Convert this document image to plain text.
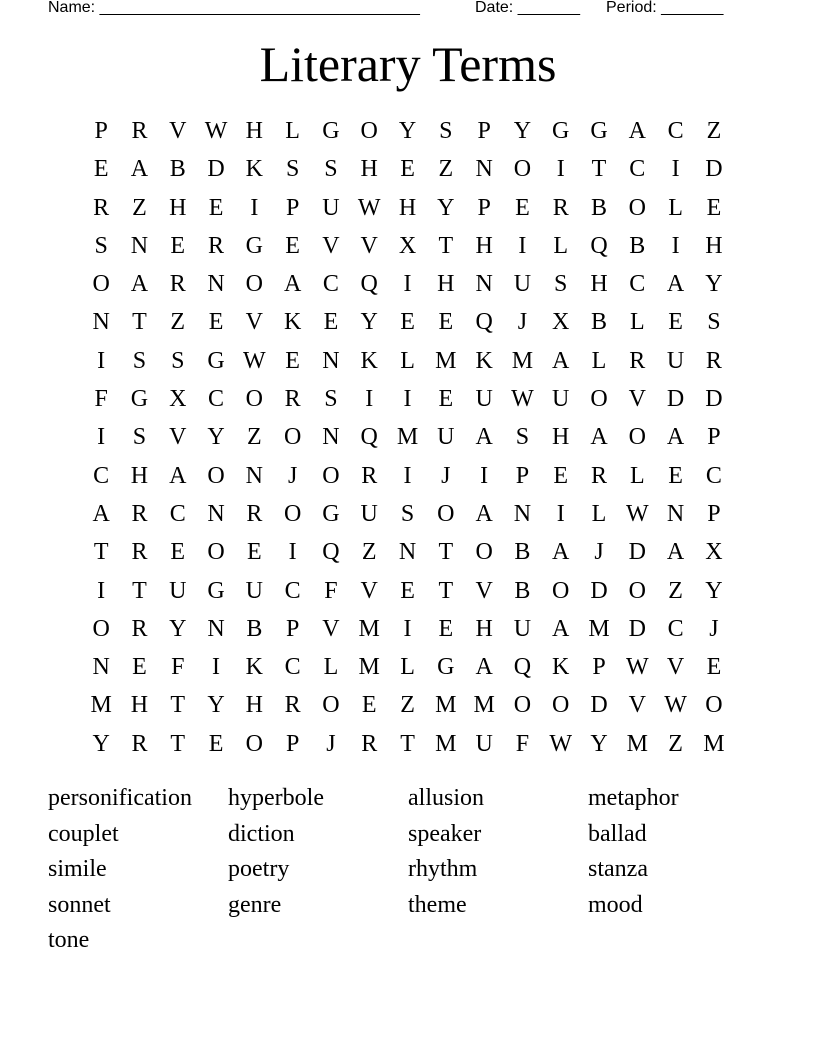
Name: ____________________________________	Date: _______ Period: _______
Literary Terms
P R V W H L G O Y S	P Y G G A C Z
E A B D K S	S H E Z N O	I	T C	I	D
R Z H E	I	P U W H Y P	E R B O L E
S N E R G E V V X T H	I	L Q B	I	H
O A R N O A C Q	I	H N U S H C A Y
N T Z E V K E Y E E Q	J	X B L E	S
I	S	S G W E N K L M K M A L R U R
F G X C O R S	I	I	E U W U O V D D
I	S V Y Z O N Q M U A S H A O A P
C H A O N	J	O R	I	J	I	P	E R L E C
A R C N R O G U S O A N	I	L W N P
T R E O E	I	Q Z N T O B A	J	D A X
I	T U G U C F V E T V B O D O Z Y
O R Y N B P V M I	E H U A M D C	J
N E	F	I	K C L M L G A Q K P W V E
M H T Y H R O E Z M M O O D V W O
Y R T E O P	J	R T M U F W Y M Z M
personification	hyperbole	allusion	metaphor
couplet	diction	speaker	ballad
simile	poetry	rhythm	stanza
sonnet	genre	theme	mood
tone
